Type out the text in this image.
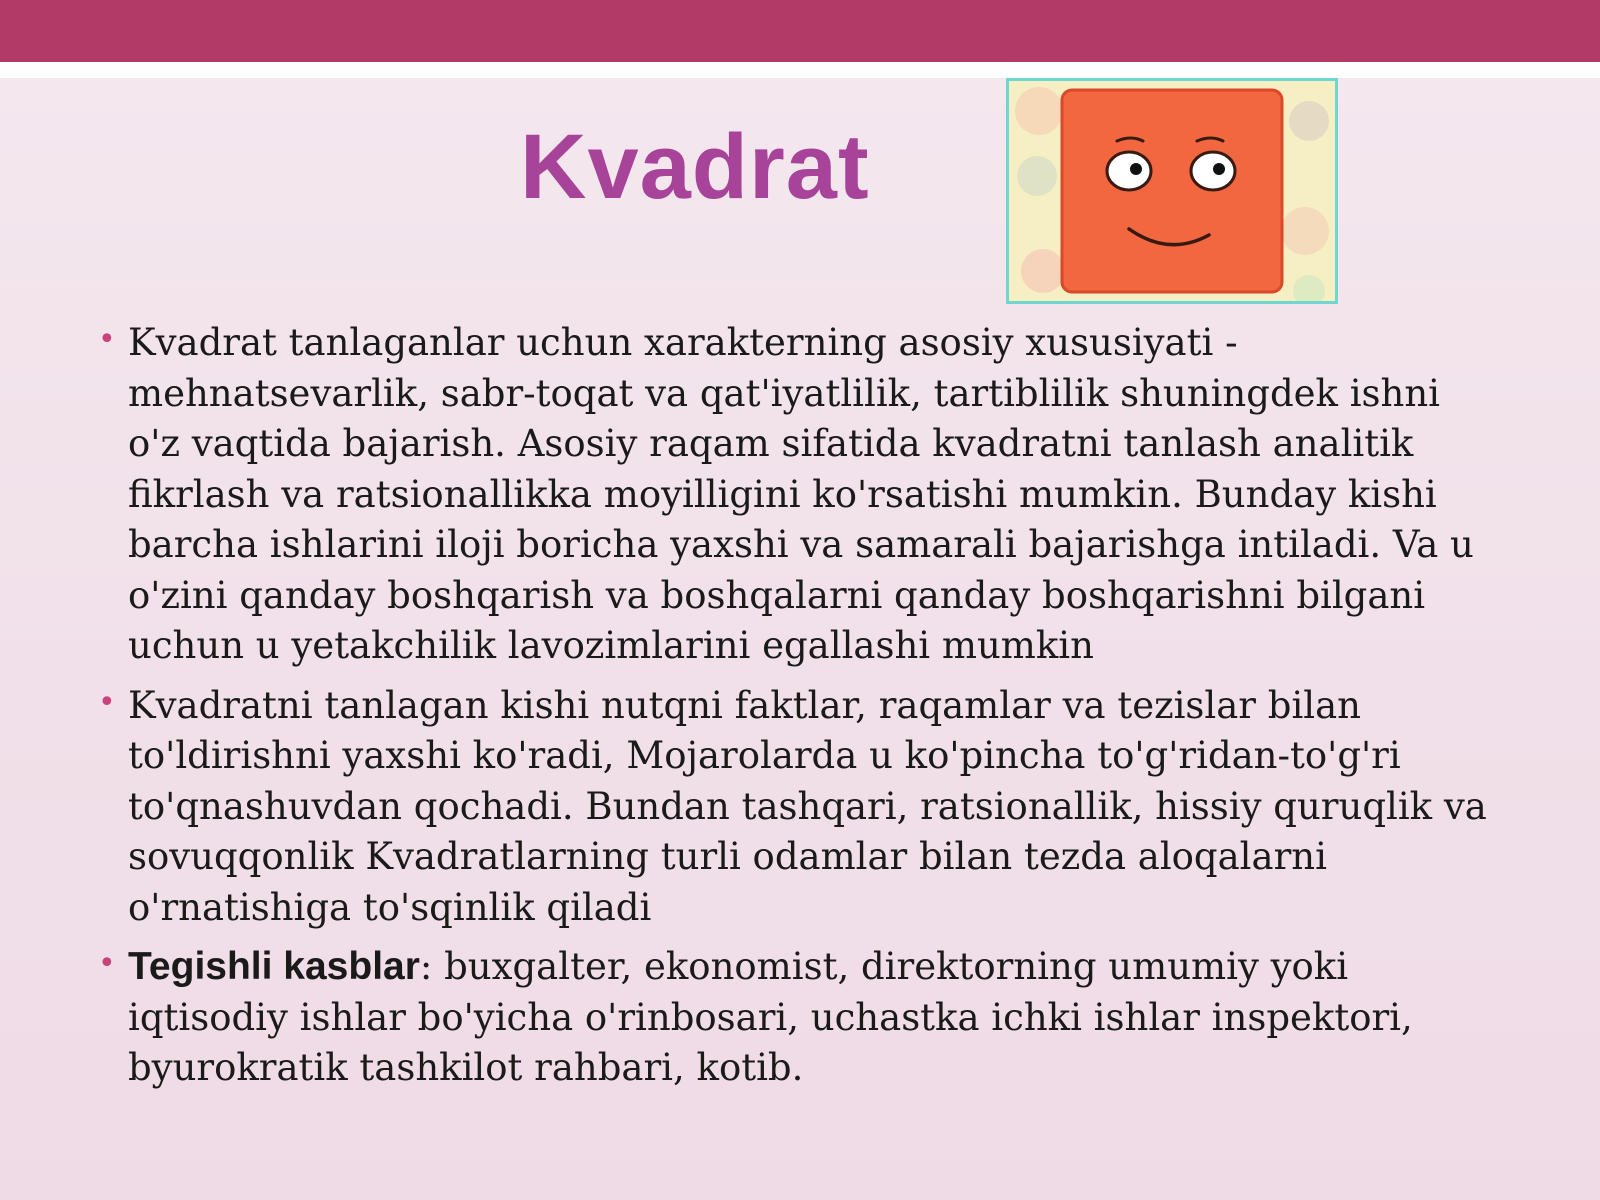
Kvadrat
• Kvadrat tanlaganlar uchun xarakterning asosiy xususiyati - mehnatsevarlik, sabr-toqat va qat'iyatlilik, tartiblilik shuningdek ishni o'z vaqtida bajarish. Asosiy raqam sifatida kvadratni tanlash analitik fikrlash va ratsionallikka moyilligini ko'rsatishi mumkin. Bunday kishi barcha ishlarini iloji boricha yaxshi va samarali bajarishga intiladi. Va u o'zini qanday boshqarish va boshqalarni qanday boshqarishni bilgani uchun u yetakchilik lavozimlarini egallashi mumkin
• Kvadratni tanlagan kishi nutqni faktlar, raqamlar va tezislar bilan to'ldirishni yaxshi ko'radi, Mojarolarda u ko'pincha to'g'ridan-to'g'ri to'qnashuvdan qochadi. Bundan tashqari, ratsionallik, hissiy quruqlik va sovuqqonlik Kvadratlarning turli odamlar bilan tezda aloqalarni o'rnatishiga to'sqinlik qiladi
• Tegishli kasblar: buxgalter, ekonomist, direktorning umumiy yoki iqtisodiy ishlar bo'yicha o'rinbosari, uchastka ichki ishlar inspektori, byurokratik tashkilot rahbari, kotib.
